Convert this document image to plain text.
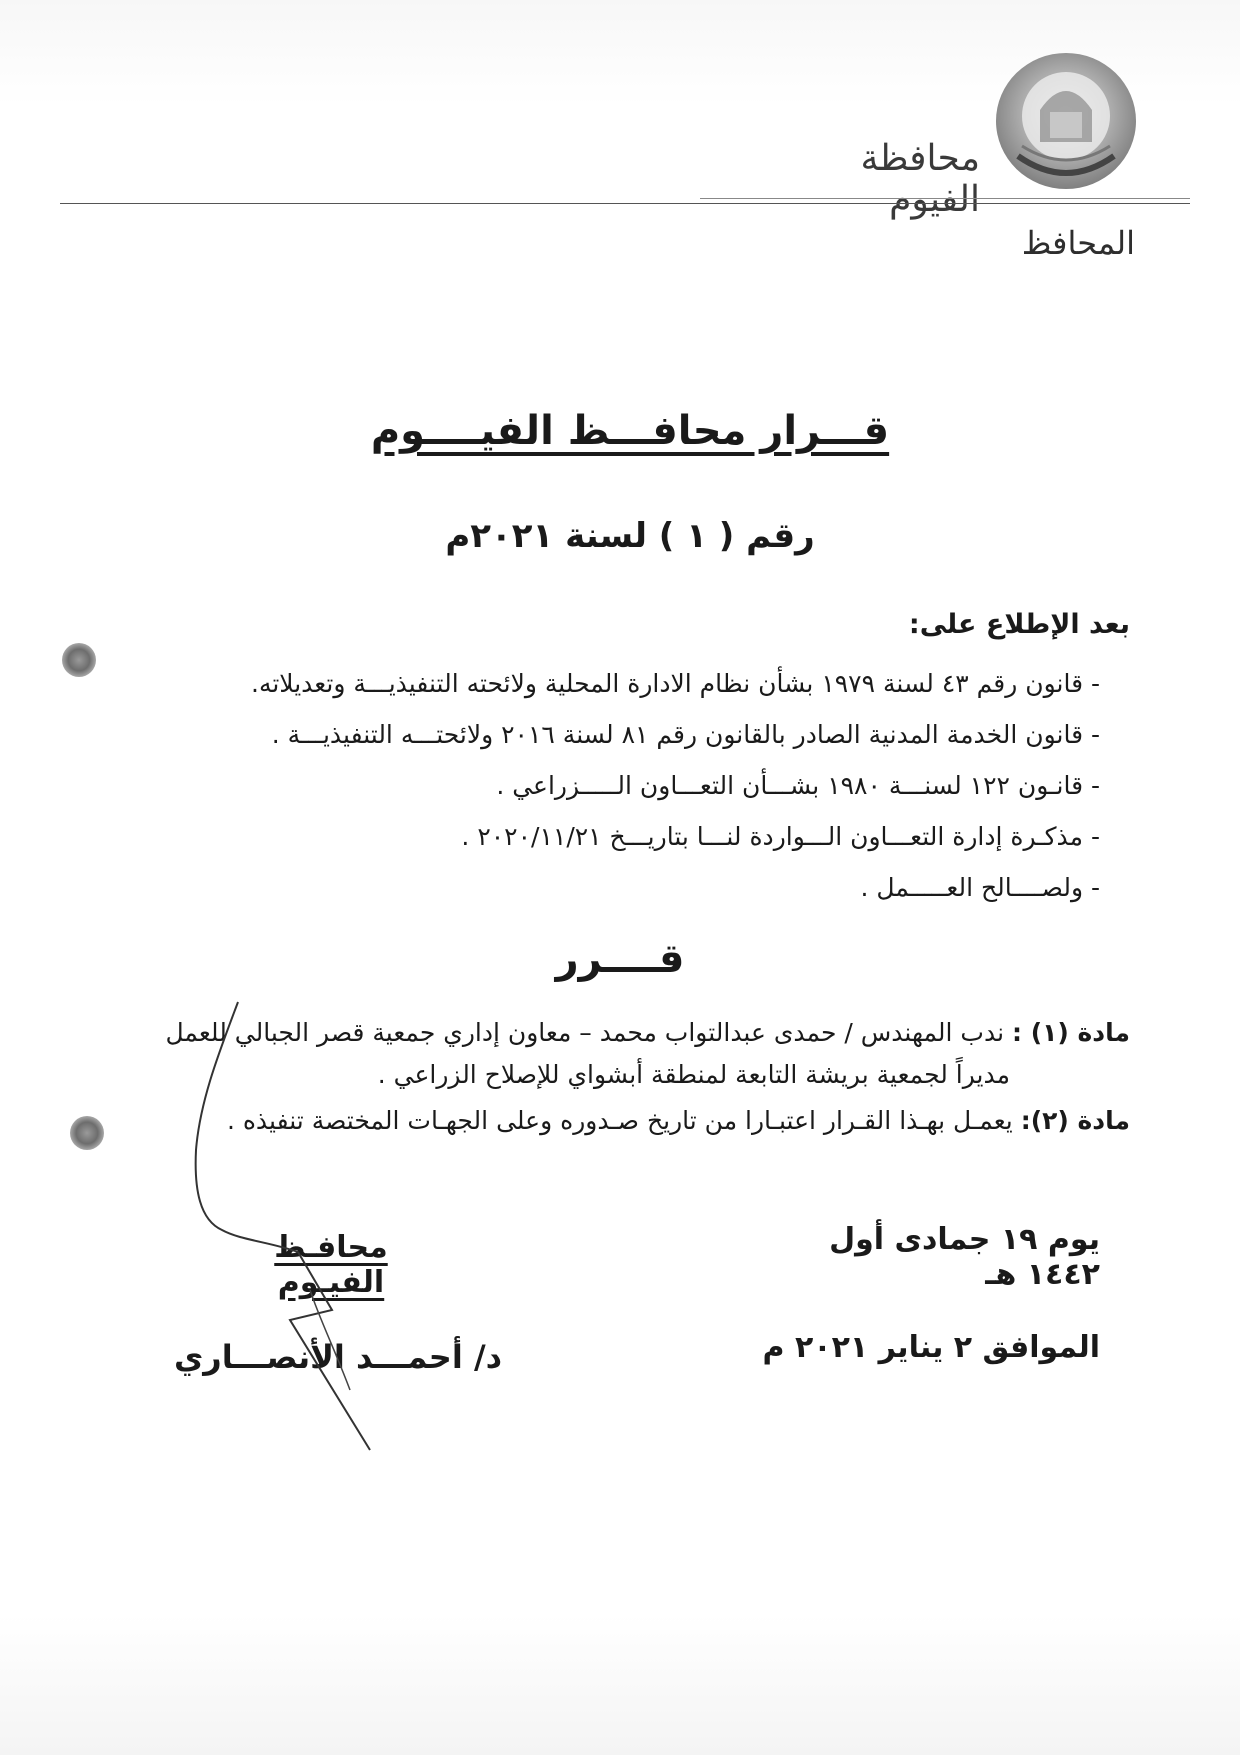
محافظة الفيوم
المحافظ
قـــرار محافـــظ الفيــــوم
رقم ( ١ ) لسنة ٢٠٢١م
بعد الإطلاع على:
- قانون رقم ٤٣ لسنة ١٩٧٩ بشأن نظام الادارة المحلية ولائحته التنفيذيـــة وتعديلاته.
- قانون الخدمة المدنية الصادر بالقانون رقم ٨١ لسنة ٢٠١٦ ولائحتـــه التنفيذيـــة .
- قانـون ١٢٢ لسنـــة ١٩٨٠ بشـــأن التعـــاون الـــــزراعي .
- مذكـرة إدارة التعـــاون الـــواردة لنـــا بتاريـــخ ٢٠٢٠/١١/٢١ .
- ولصــــالح العـــــمل .
قــــرر

مادة (١) : ندب المهندس / حمدى عبدالتواب محمد – معاون إداري جمعية قصر الجبالي للعمل
مديراً لجمعية بريشة التابعة لمنطقة أبشواي للإصلاح الزراعي .

مادة (٢): يعمـل بهـذا القـرار اعتبـارا من تاريخ صـدوره وعلى الجهـات المختصة تنفيذه .

يوم ١٩ جمادى أول ١٤٤٢ هـ
الموافق ٢ يناير ٢٠٢١ م
محافـظ الفيـوم
د/ أحمـــد الأنصـــاري
